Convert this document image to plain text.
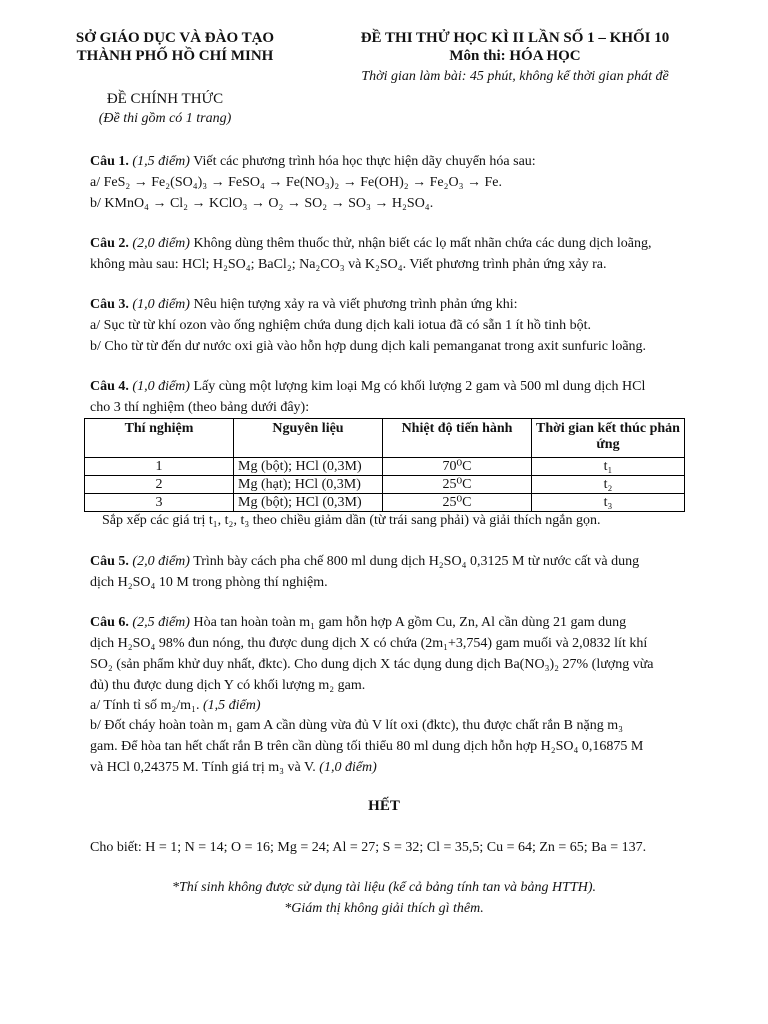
SỞ GIÁO DỤC VÀ ĐÀO TẠO
THÀNH PHỐ HỒ CHÍ MINH
ĐỀ THI THỬ HỌC KÌ II LẦN SỐ 1 – KHỐI 10
Môn thi: HÓA HỌC
Thời gian làm bài: 45 phút, không kể thời gian phát đề
ĐỀ CHÍNH THỨC
(Đề thi gồm có 1 trang)
Câu 1. (1,5 điểm) Viết các phương trình hóa học thực hiện dãy chuyển hóa sau:
a/ FeS₂ → Fe₂(SO₄)₃ → FeSO₄ → Fe(NO₃)₂ → Fe(OH)₂ → Fe₂O₃ → Fe.
b/ KMnO₄ → Cl₂ → KClO₃ → O₂ → SO₂ → SO₃ → H₂SO₄.
Câu 2. (2,0 điểm) Không dùng thêm thuốc thử, nhận biết các lọ mất nhãn chứa các dung dịch loãng,
không màu sau: HCl; H₂SO₄; BaCl₂; Na₂CO₃ và K₂SO₄. Viết phương trình phản ứng xảy ra.
Câu 3. (1,0 điểm) Nêu hiện tượng xảy ra và viết phương trình phản ứng khi:
a/ Sục từ từ khí ozon vào ống nghiệm chứa dung dịch kali iotua đã có sẵn 1 ít hồ tinh bột.
b/ Cho từ từ đến dư nước oxi già vào hỗn hợp dung dịch kali pemanganat trong axit sunfuric loãng.
Câu 4. (1,0 điểm) Lấy cùng một lượng kim loại Mg có khối lượng 2 gam và 500 ml dung dịch HCl
cho 3 thí nghiệm (theo bảng dưới đây):
Thí nghiệm	Nguyên liệu	Nhiệt độ tiến hành	Thời gian kết thúc phản ứng
1	Mg (bột); HCl (0,3M)	70⁰C	t₁
2	Mg (hạt); HCl (0,3M)	25⁰C	t₂
3	Mg (bột); HCl (0,3M)	25⁰C	t₃
Sắp xếp các giá trị t₁, t₂, t₃ theo chiều giảm dần (từ trái sang phải) và giải thích ngắn gọn.
Câu 5. (2,0 điểm) Trình bày cách pha chế 800 ml dung dịch H₂SO₄ 0,3125 M từ nước cất và dung
dịch H₂SO₄ 10 M trong phòng thí nghiệm.
Câu 6. (2,5 điểm) Hòa tan hoàn toàn m₁ gam hỗn hợp A gồm Cu, Zn, Al cần dùng 21 gam dung
dịch H₂SO₄ 98% đun nóng, thu được dung dịch X có chứa (2m₁+3,754) gam muối và 2,0832 lít khí
SO₂ (sản phẩm khử duy nhất, đktc). Cho dung dịch X tác dụng dung dịch Ba(NO₃)₂ 27% (lượng vừa
đủ) thu được dung dịch Y có khối lượng m₂ gam.
a/ Tính tỉ số m₂/m₁. (1,5 điểm)
b/ Đốt cháy hoàn toàn m₁ gam A cần dùng vừa đủ V lít oxi (đktc), thu được chất rắn B nặng m₃
gam. Để hòa tan hết chất rắn B trên cần dùng tối thiểu 80 ml dung dịch hỗn hợp H₂SO₄ 0,16875 M
và HCl 0,24375 M. Tính giá trị m₃ và V. (1,0 điểm)
HẾT
Cho biết: H = 1; N = 14; O = 16; Mg = 24; Al = 27; S = 32; Cl = 35,5; Cu = 64; Zn = 65; Ba = 137.
*Thí sinh không được sử dụng tài liệu (kể cả bảng tính tan và bảng HTTH).
*Giám thị không giải thích gì thêm.
